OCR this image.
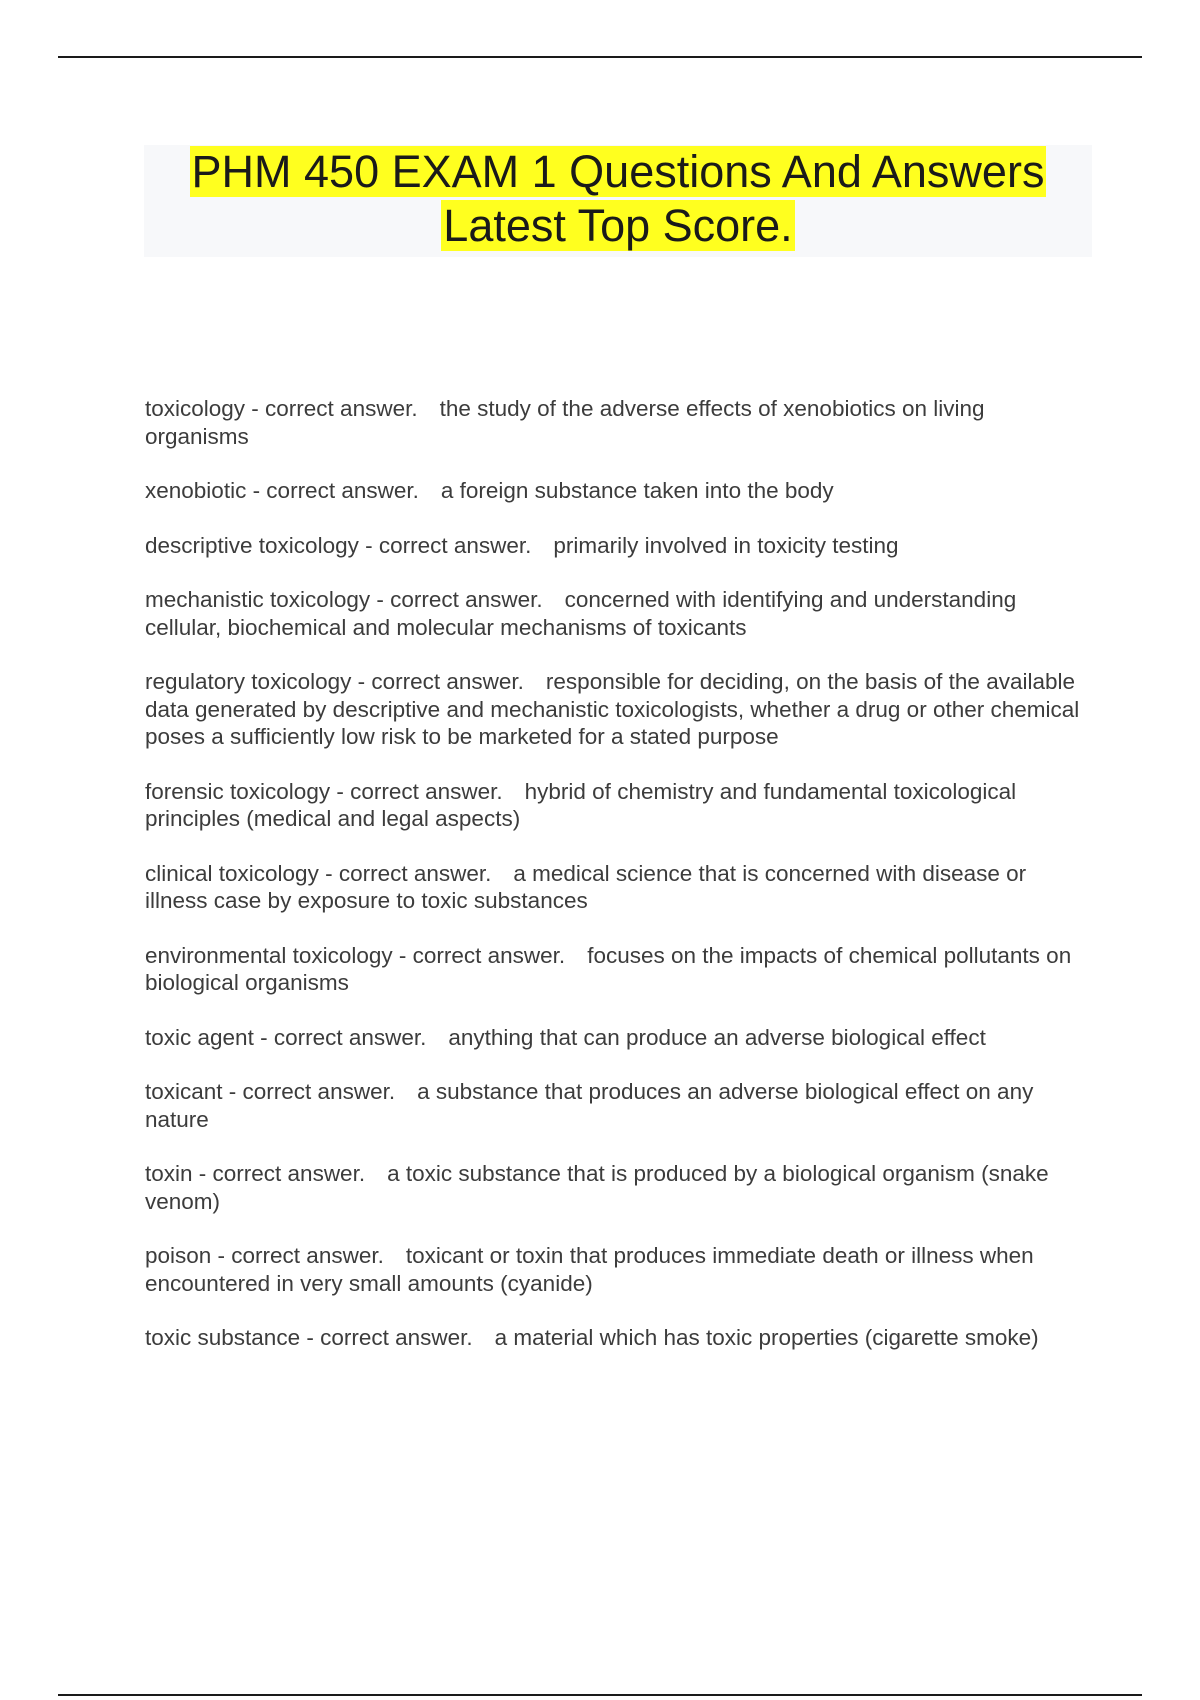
PHM 450 EXAM 1 Questions And Answers
Latest Top Score.
toxicology - correct answer. the study of the adverse effects of xenobiotics on living organisms
xenobiotic - correct answer. a foreign substance taken into the body
descriptive toxicology - correct answer. primarily involved in toxicity testing
mechanistic toxicology - correct answer. concerned with identifying and understanding cellular, biochemical and molecular mechanisms of toxicants
regulatory toxicology - correct answer. responsible for deciding, on the basis of the available data generated by descriptive and mechanistic toxicologists, whether a drug or other chemical poses a sufficiently low risk to be marketed for a stated purpose
forensic toxicology - correct answer. hybrid of chemistry and fundamental toxicological principles (medical and legal aspects)
clinical toxicology - correct answer. a medical science that is concerned with disease or illness case by exposure to toxic substances
environmental toxicology - correct answer. focuses on the impacts of chemical pollutants on biological organisms
toxic agent - correct answer. anything that can produce an adverse biological effect
toxicant - correct answer. a substance that produces an adverse biological effect on any nature
toxin - correct answer. a toxic substance that is produced by a biological organism (snake venom)
poison - correct answer. toxicant or toxin that produces immediate death or illness when encountered in very small amounts (cyanide)
toxic substance - correct answer. a material which has toxic properties (cigarette smoke)
